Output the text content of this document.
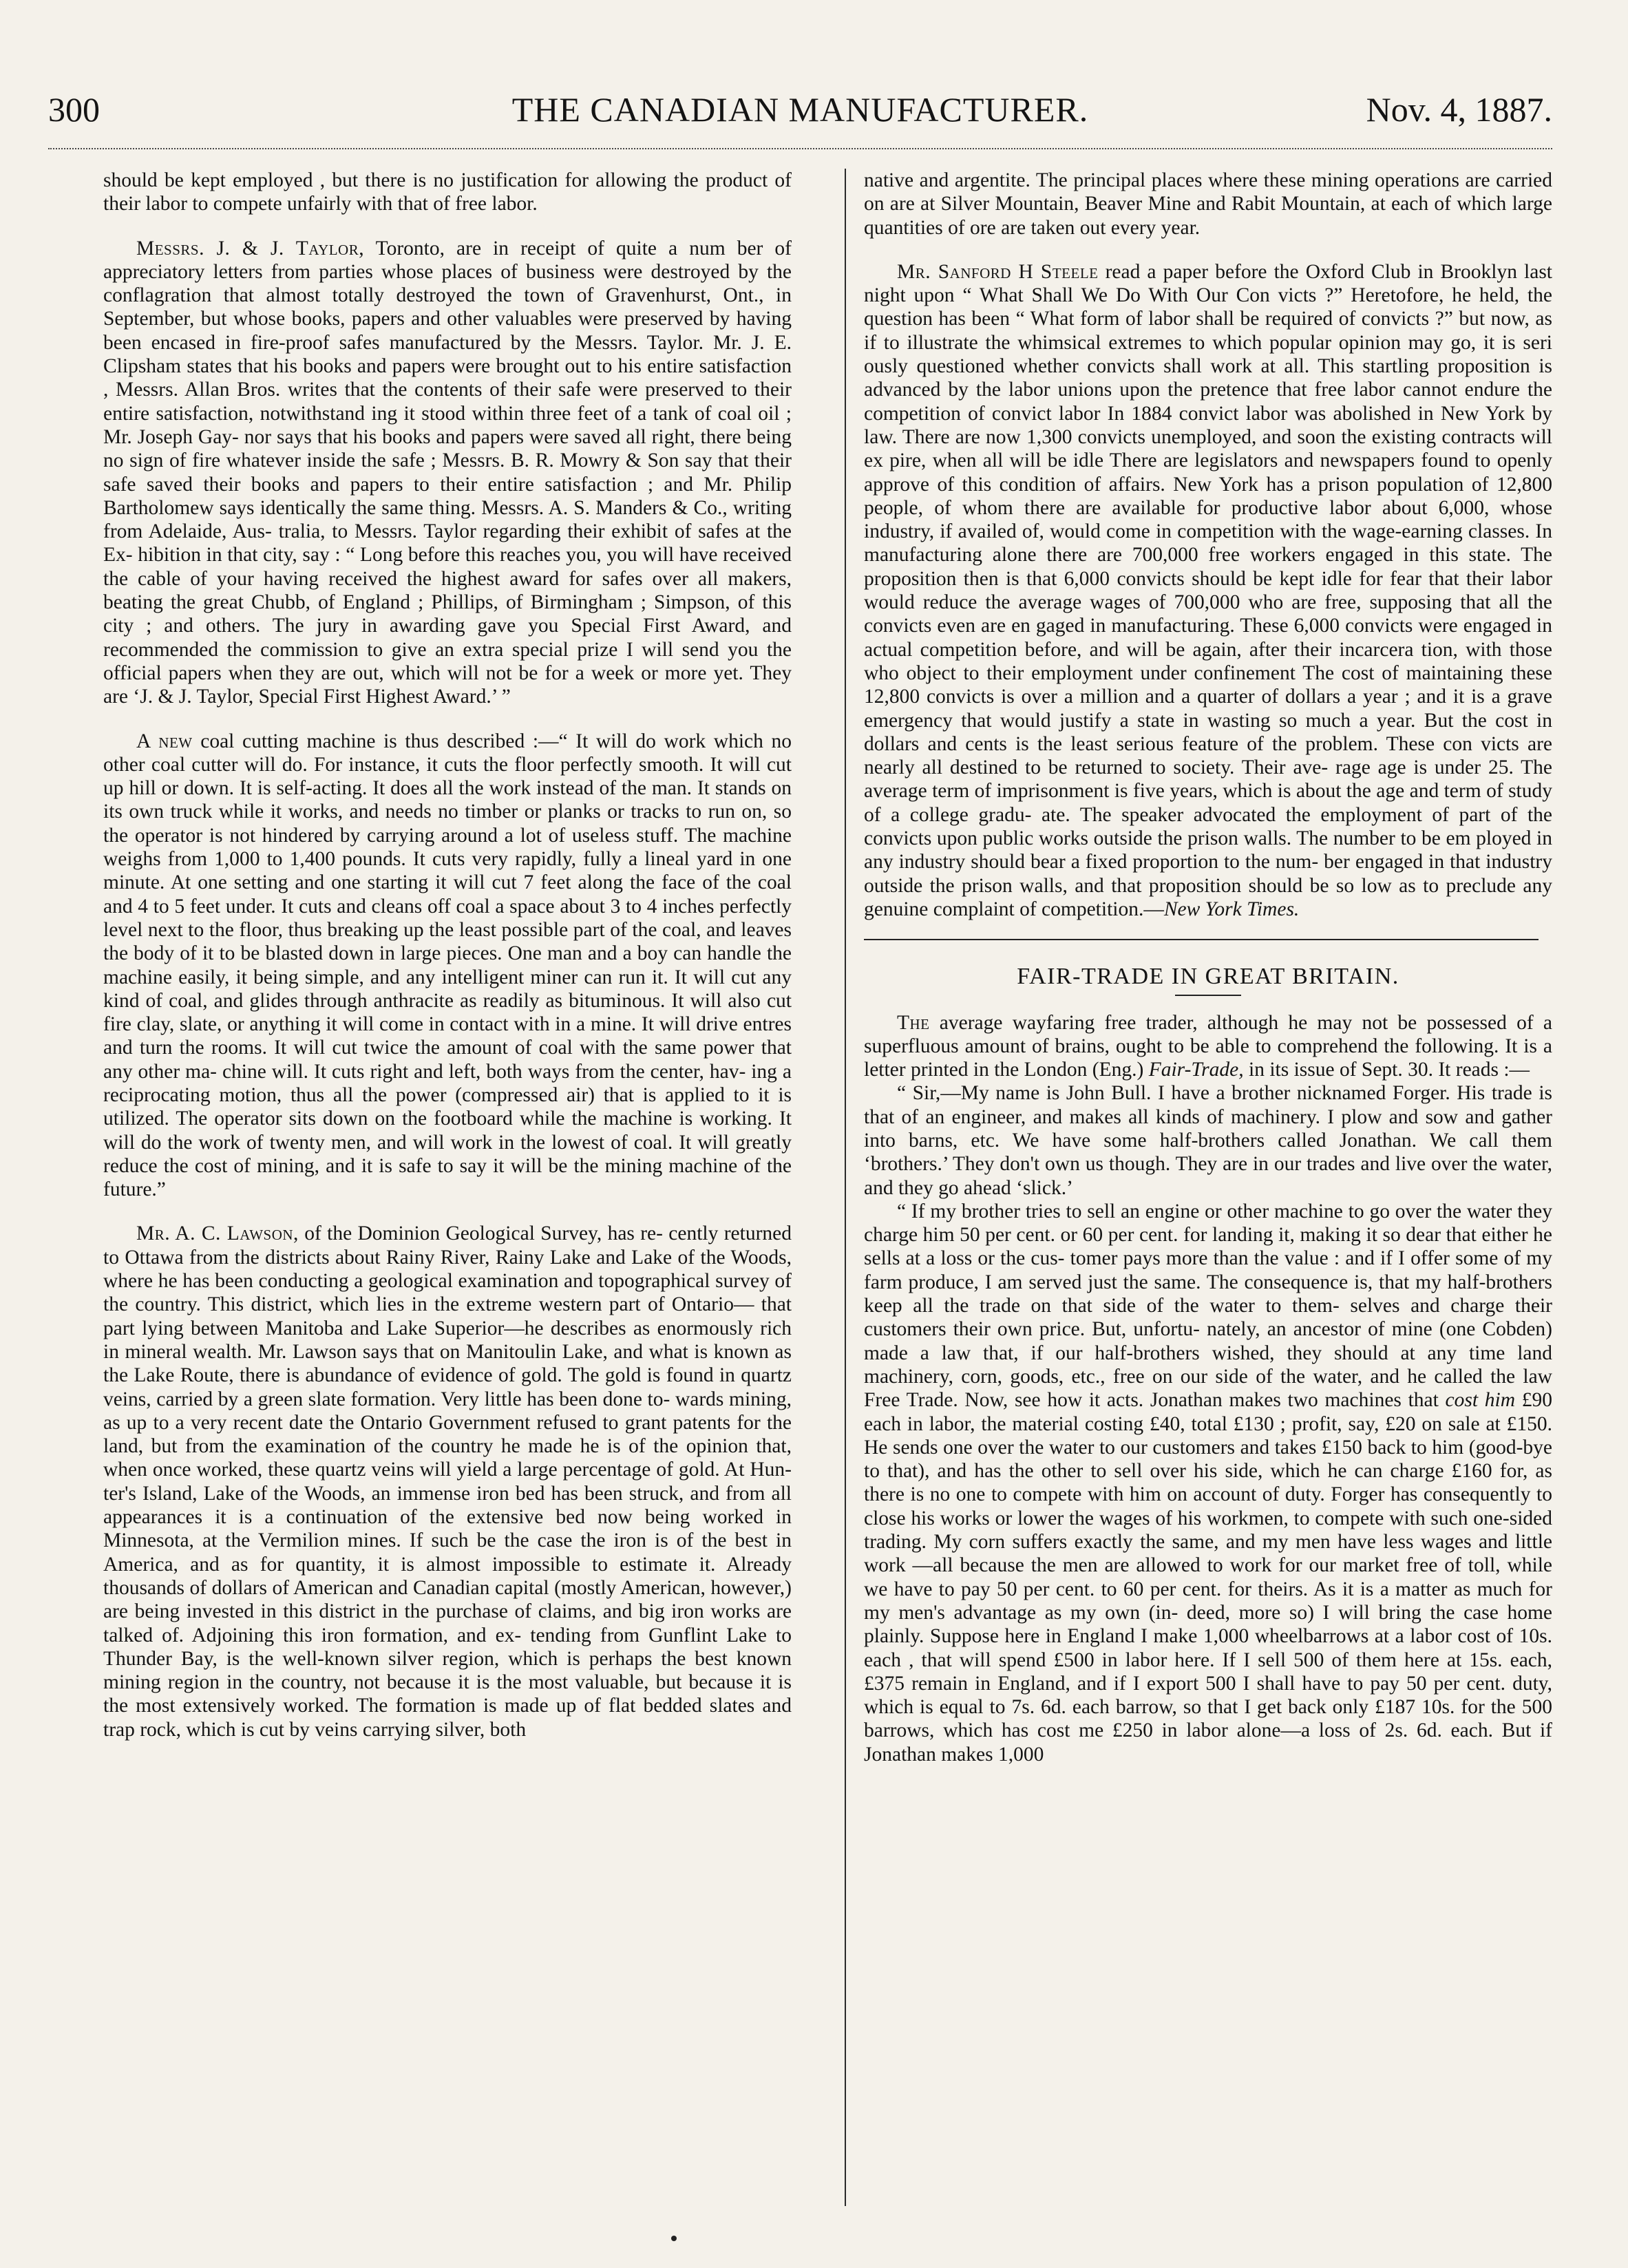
300	THE CANADIAN MANUFACTURER.	Nov. 4, 1887.

should be kept employed , but there is no justification for allowing the product of their labor to compete unfairly with that of free labor.

Messrs. J. & J. Taylor, Toronto, are in receipt of quite a num ber of appreciatory letters from parties whose places of business were destroyed by the conflagration that almost totally destroyed the town of Gravenhurst, Ont., in September, but whose books, papers and other valuables were preserved by having been encased in fire-proof safes manufactured by the Messrs. Taylor. Mr. J. E. Clipsham states that his books and papers were brought out to his entire satisfaction , Messrs. Allan Bros. writes that the contents of their safe were preserved to their entire satisfaction, notwithstand ing it stood within three feet of a tank of coal oil ; Mr. Joseph Gay- nor says that his books and papers were saved all right, there being no sign of fire whatever inside the safe ; Messrs. B. R. Mowry & Son say that their safe saved their books and papers to their entire satisfaction ; and Mr. Philip Bartholomew says identically the same thing. Messrs. A. S. Manders & Co., writing from Adelaide, Aus- tralia, to Messrs. Taylor regarding their exhibit of safes at the Ex- hibition in that city, say : “ Long before this reaches you, you will have received the cable of your having received the highest award for safes over all makers, beating the great Chubb, of England ; Phillips, of Birmingham ; Simpson, of this city ; and others. The jury in awarding gave you Special First Award, and recommended the commission to give an extra special prize I will send you the official papers when they are out, which will not be for a week or more yet. They are ‘J. & J. Taylor, Special First Highest Award.’ ”

A new coal cutting machine is thus described :—“ It will do work which no other coal cutter will do. For instance, it cuts the floor perfectly smooth. It will cut up hill or down. It is self-acting. It does all the work instead of the man. It stands on its own truck while it works, and needs no timber or planks or tracks to run on, so the operator is not hindered by carrying around a lot of useless stuff. The machine weighs from 1,000 to 1,400 pounds. It cuts very rapidly, fully a lineal yard in one minute. At one setting and one starting it will cut 7 feet along the face of the coal and 4 to 5 feet under. It cuts and cleans off coal a space about 3 to 4 inches perfectly level next to the floor, thus breaking up the least possible part of the coal, and leaves the body of it to be blasted down in large pieces. One man and a boy can handle the machine easily, it being simple, and any intelligent miner can run it. It will cut any kind of coal, and glides through anthracite as readily as bituminous. It will also cut fire clay, slate, or anything it will come in contact with in a mine. It will drive entres and turn the rooms. It will cut twice the amount of coal with the same power that any other ma- chine will. It cuts right and left, both ways from the center, hav- ing a reciprocating motion, thus all the power (compressed air) that is applied to it is utilized. The operator sits down on the footboard while the machine is working. It will do the work of twenty men, and will work in the lowest of coal. It will greatly reduce the cost of mining, and it is safe to say it will be the mining machine of the future.”

Mr. A. C. Lawson, of the Dominion Geological Survey, has re- cently returned to Ottawa from the districts about Rainy River, Rainy Lake and Lake of the Woods, where he has been conducting a geological examination and topographical survey of the country. This district, which lies in the extreme western part of Ontario— that part lying between Manitoba and Lake Superior—he describes as enormously rich in mineral wealth. Mr. Lawson says that on Manitoulin Lake, and what is known as the Lake Route, there is abundance of evidence of gold. The gold is found in quartz veins, carried by a green slate formation. Very little has been done to- wards mining, as up to a very recent date the Ontario Government refused to grant patents for the land, but from the examination of the country he made he is of the opinion that, when once worked, these quartz veins will yield a large percentage of gold. At Hun- ter's Island, Lake of the Woods, an immense iron bed has been struck, and from all appearances it is a continuation of the extensive bed now being worked in Minnesota, at the Vermilion mines. If such be the case the iron is of the best in America, and as for quantity, it is almost impossible to estimate it. Already thousands of dollars of American and Canadian capital (mostly American, however,) are being invested in this district in the purchase of claims, and big iron works are talked of. Adjoining this iron formation, and ex- tending from Gunflint Lake to Thunder Bay, is the well-known silver region, which is perhaps the best known mining region in the country, not because it is the most valuable, but because it is the most extensively worked. The formation is made up of flat bedded slates and trap rock, which is cut by veins carrying silver, both

native and argentite. The principal places where these mining operations are carried on are at Silver Mountain, Beaver Mine and Rabit Mountain, at each of which large quantities of ore are taken out every year.

Mr. Sanford H Steele read a paper before the Oxford Club in Brooklyn last night upon “ What Shall We Do With Our Con victs ?” Heretofore, he held, the question has been “ What form of labor shall be required of convicts ?” but now, as if to illustrate the whimsical extremes to which popular opinion may go, it is seri ously questioned whether convicts shall work at all. This startling proposition is advanced by the labor unions upon the pretence that free labor cannot endure the competition of convict labor In 1884 convict labor was abolished in New York by law. There are now 1,300 convicts unemployed, and soon the existing contracts will ex pire, when all will be idle There are legislators and newspapers found to openly approve of this condition of affairs. New York has a prison population of 12,800 people, of whom there are available for productive labor about 6,000, whose industry, if availed of, would come in competition with the wage-earning classes. In manufacturing alone there are 700,000 free workers engaged in this state. The proposition then is that 6,000 convicts should be kept idle for fear that their labor would reduce the average wages of 700,000 who are free, supposing that all the convicts even are en gaged in manufacturing. These 6,000 convicts were engaged in actual competition before, and will be again, after their incarcera tion, with those who object to their employment under confinement The cost of maintaining these 12,800 convicts is over a million and a quarter of dollars a year ; and it is a grave emergency that would justify a state in wasting so much a year. But the cost in dollars and cents is the least serious feature of the problem. These con victs are nearly all destined to be returned to society. Their ave- rage age is under 25. The average term of imprisonment is five years, which is about the age and term of study of a college gradu- ate. The speaker advocated the employment of part of the convicts upon public works outside the prison walls. The number to be em ployed in any industry should bear a fixed proportion to the num- ber engaged in that industry outside the prison walls, and that proposition should be so low as to preclude any genuine complaint of competition.—New York Times.

FAIR-TRADE IN GREAT BRITAIN.

The average wayfaring free trader, although he may not be possessed of a superfluous amount of brains, ought to be able to comprehend the following. It is a letter printed in the London (Eng.) Fair-Trade, in its issue of Sept. 30. It reads :—

“ Sir,—My name is John Bull. I have a brother nicknamed Forger. His trade is that of an engineer, and makes all kinds of machinery. I plow and sow and gather into barns, etc. We have some half-brothers called Jonathan. We call them ‘brothers.’ They don't own us though. They are in our trades and live over the water, and they go ahead ‘slick.’

“ If my brother tries to sell an engine or other machine to go over the water they charge him 50 per cent. or 60 per cent. for landing it, making it so dear that either he sells at a loss or the cus- tomer pays more than the value : and if I offer some of my farm produce, I am served just the same. The consequence is, that my half-brothers keep all the trade on that side of the water to them- selves and charge their customers their own price. But, unfortu- nately, an ancestor of mine (one Cobden) made a law that, if our half-brothers wished, they should at any time land machinery, corn, goods, etc., free on our side of the water, and he called the law Free Trade. Now, see how it acts. Jonathan makes two machines that cost him £90 each in labor, the material costing £40, total £130 ; profit, say, £20 on sale at £150. He sends one over the water to our customers and takes £150 back to him (good-bye to that), and has the other to sell over his side, which he can charge £160 for, as there is no one to compete with him on account of duty. Forger has consequently to close his works or lower the wages of his workmen, to compete with such one-sided trading. My corn suffers exactly the same, and my men have less wages and little work —all because the men are allowed to work for our market free of toll, while we have to pay 50 per cent. to 60 per cent. for theirs. As it is a matter as much for my men's advantage as my own (in- deed, more so) I will bring the case home plainly. Suppose here in England I make 1,000 wheelbarrows at a labor cost of 10s. each , that will spend £500 in labor here. If I sell 500 of them here at 15s. each, £375 remain in England, and if I export 500 I shall have to pay 50 per cent. duty, which is equal to 7s. 6d. each barrow, so that I get back only £187 10s. for the 500 barrows, which has cost me £250 in labor alone—a loss of 2s. 6d. each. But if Jonathan makes 1,000
